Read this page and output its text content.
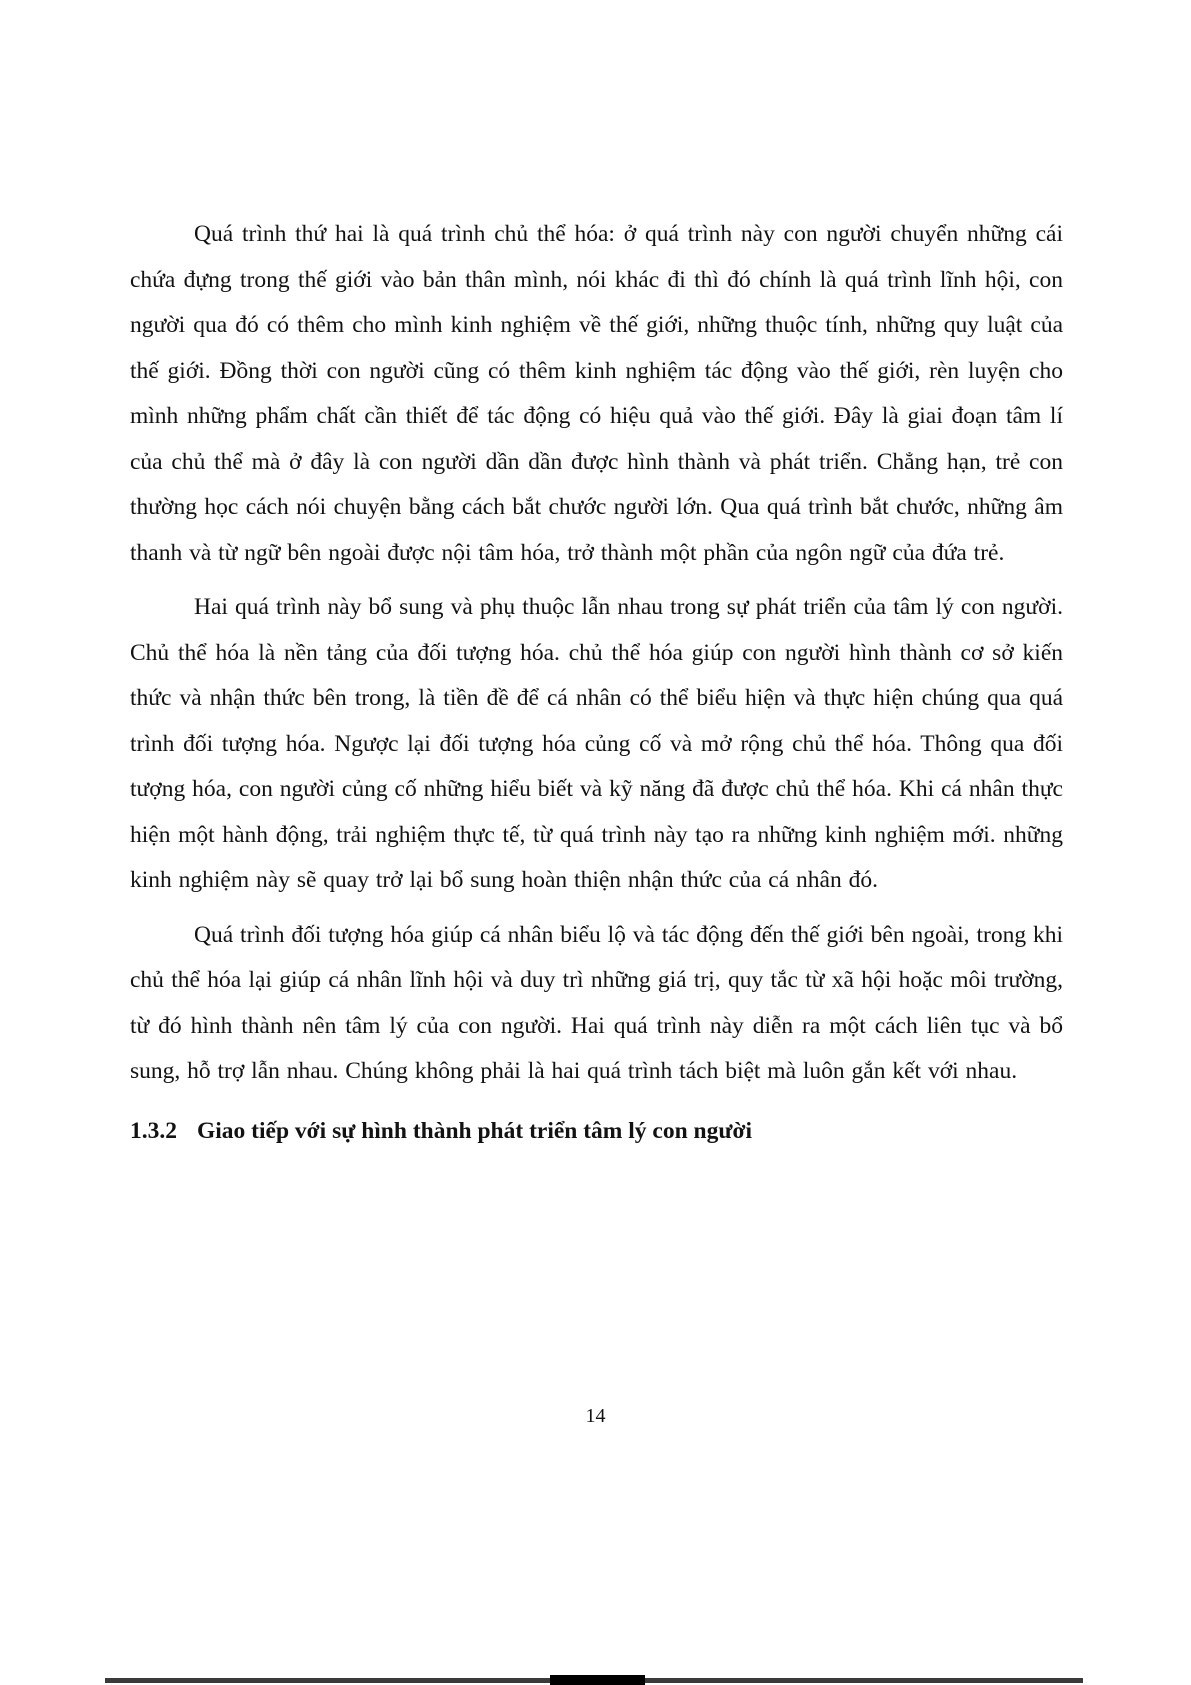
Quá trình thứ hai là quá trình chủ thể hóa: ở quá trình này con người chuyển những cái chứa đựng trong thế giới vào bản thân mình, nói khác đi thì đó chính là quá trình lĩnh hội, con người qua đó có thêm cho mình kinh nghiệm về thế giới, những thuộc tính, những quy luật của thế giới. Đồng thời con người cũng có thêm kinh nghiệm tác động vào thế giới, rèn luyện cho mình những phẩm chất cần thiết để tác động có hiệu quả vào thế giới. Đây là giai đoạn tâm lí của chủ thể mà ở đây là con người dần dần được hình thành và phát triển. Chẳng hạn, trẻ con thường học cách nói chuyện bằng cách bắt chước người lớn. Qua quá trình bắt chước, những âm thanh và từ ngữ bên ngoài được nội tâm hóa, trở thành một phần của ngôn ngữ của đứa trẻ.

Hai quá trình này bổ sung và phụ thuộc lẫn nhau trong sự phát triển của tâm lý con người. Chủ thể hóa là nền tảng của đối tượng hóa. chủ thể hóa giúp con người hình thành cơ sở kiến thức và nhận thức bên trong, là tiền đề để cá nhân có thể biểu hiện và thực hiện chúng qua quá trình đối tượng hóa. Ngược lại đối tượng hóa củng cố và mở rộng chủ thể hóa. Thông qua đối tượng hóa, con người củng cố những hiểu biết và kỹ năng đã được chủ thể hóa. Khi cá nhân thực hiện một hành động, trải nghiệm thực tế, từ quá trình này tạo ra những kinh nghiệm mới. những kinh nghiệm này sẽ quay trở lại bổ sung hoàn thiện nhận thức của cá nhân đó.

Quá trình đối tượng hóa giúp cá nhân biểu lộ và tác động đến thế giới bên ngoài, trong khi chủ thể hóa lại giúp cá nhân lĩnh hội và duy trì những giá trị, quy tắc từ xã hội hoặc môi trường, từ đó hình thành nên tâm lý của con người. Hai quá trình này diễn ra một cách liên tục và bổ sung, hỗ trợ lẫn nhau. Chúng không phải là hai quá trình tách biệt mà luôn gắn kết với nhau.

1.3.2 Giao tiếp với sự hình thành phát triển tâm lý con người
14
